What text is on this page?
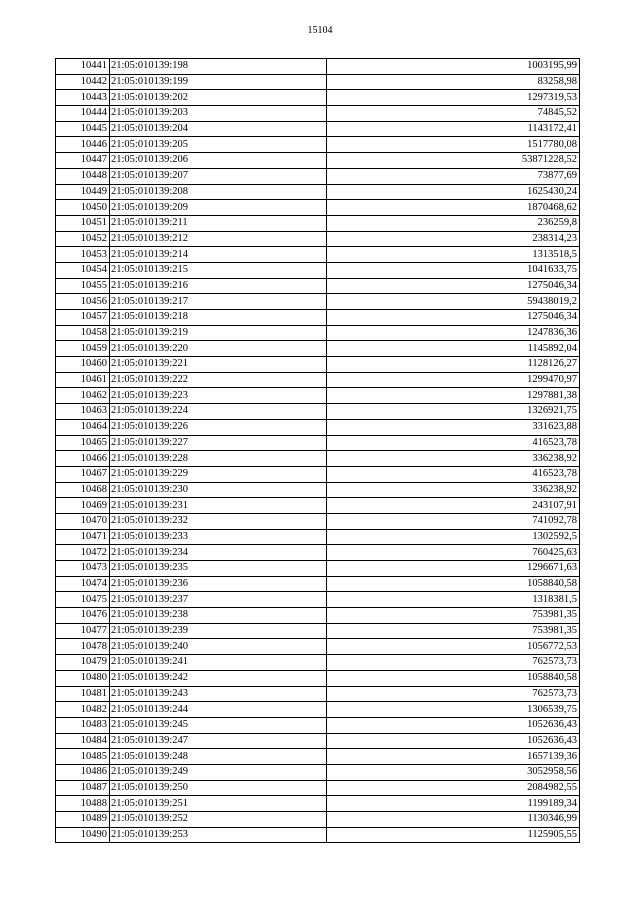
15104
10441	21:05:010139:198	1003195,99
10442	21:05:010139:199	83258,98
10443	21:05:010139:202	1297319,53
10444	21:05:010139:203	74845,52
10445	21:05:010139:204	1143172,41
10446	21:05:010139:205	1517780,08
10447	21:05:010139:206	53871228,52
10448	21:05:010139:207	73877,69
10449	21:05:010139:208	1625430,24
10450	21:05:010139:209	1870468,62
10451	21:05:010139:211	236259,8
10452	21:05:010139:212	238314,23
10453	21:05:010139:214	1313518,5
10454	21:05:010139:215	1041633,75
10455	21:05:010139:216	1275046,34
10456	21:05:010139:217	59438019,2
10457	21:05:010139:218	1275046,34
10458	21:05:010139:219	1247836,36
10459	21:05:010139:220	1145892,04
10460	21:05:010139:221	1128126,27
10461	21:05:010139:222	1299470,97
10462	21:05:010139:223	1297881,38
10463	21:05:010139:224	1326921,75
10464	21:05:010139:226	331623,88
10465	21:05:010139:227	416523,78
10466	21:05:010139:228	336238,92
10467	21:05:010139:229	416523,78
10468	21:05:010139:230	336238,92
10469	21:05:010139:231	243107,91
10470	21:05:010139:232	741092,78
10471	21:05:010139:233	1302592,5
10472	21:05:010139:234	760425,63
10473	21:05:010139:235	1296671,63
10474	21:05:010139:236	1058840,58
10475	21:05:010139:237	1318381,5
10476	21:05:010139:238	753981,35
10477	21:05:010139:239	753981,35
10478	21:05:010139:240	1056772,53
10479	21:05:010139:241	762573,73
10480	21:05:010139:242	1058840,58
10481	21:05:010139:243	762573,73
10482	21:05:010139:244	1306539,75
10483	21:05:010139:245	1052636,43
10484	21:05:010139:247	1052636,43
10485	21:05:010139:248	1657139,36
10486	21:05:010139:249	3052958,56
10487	21:05:010139:250	2084982,55
10488	21:05:010139:251	1199189,34
10489	21:05:010139:252	1130346,99
10490	21:05:010139:253	1125905,55
